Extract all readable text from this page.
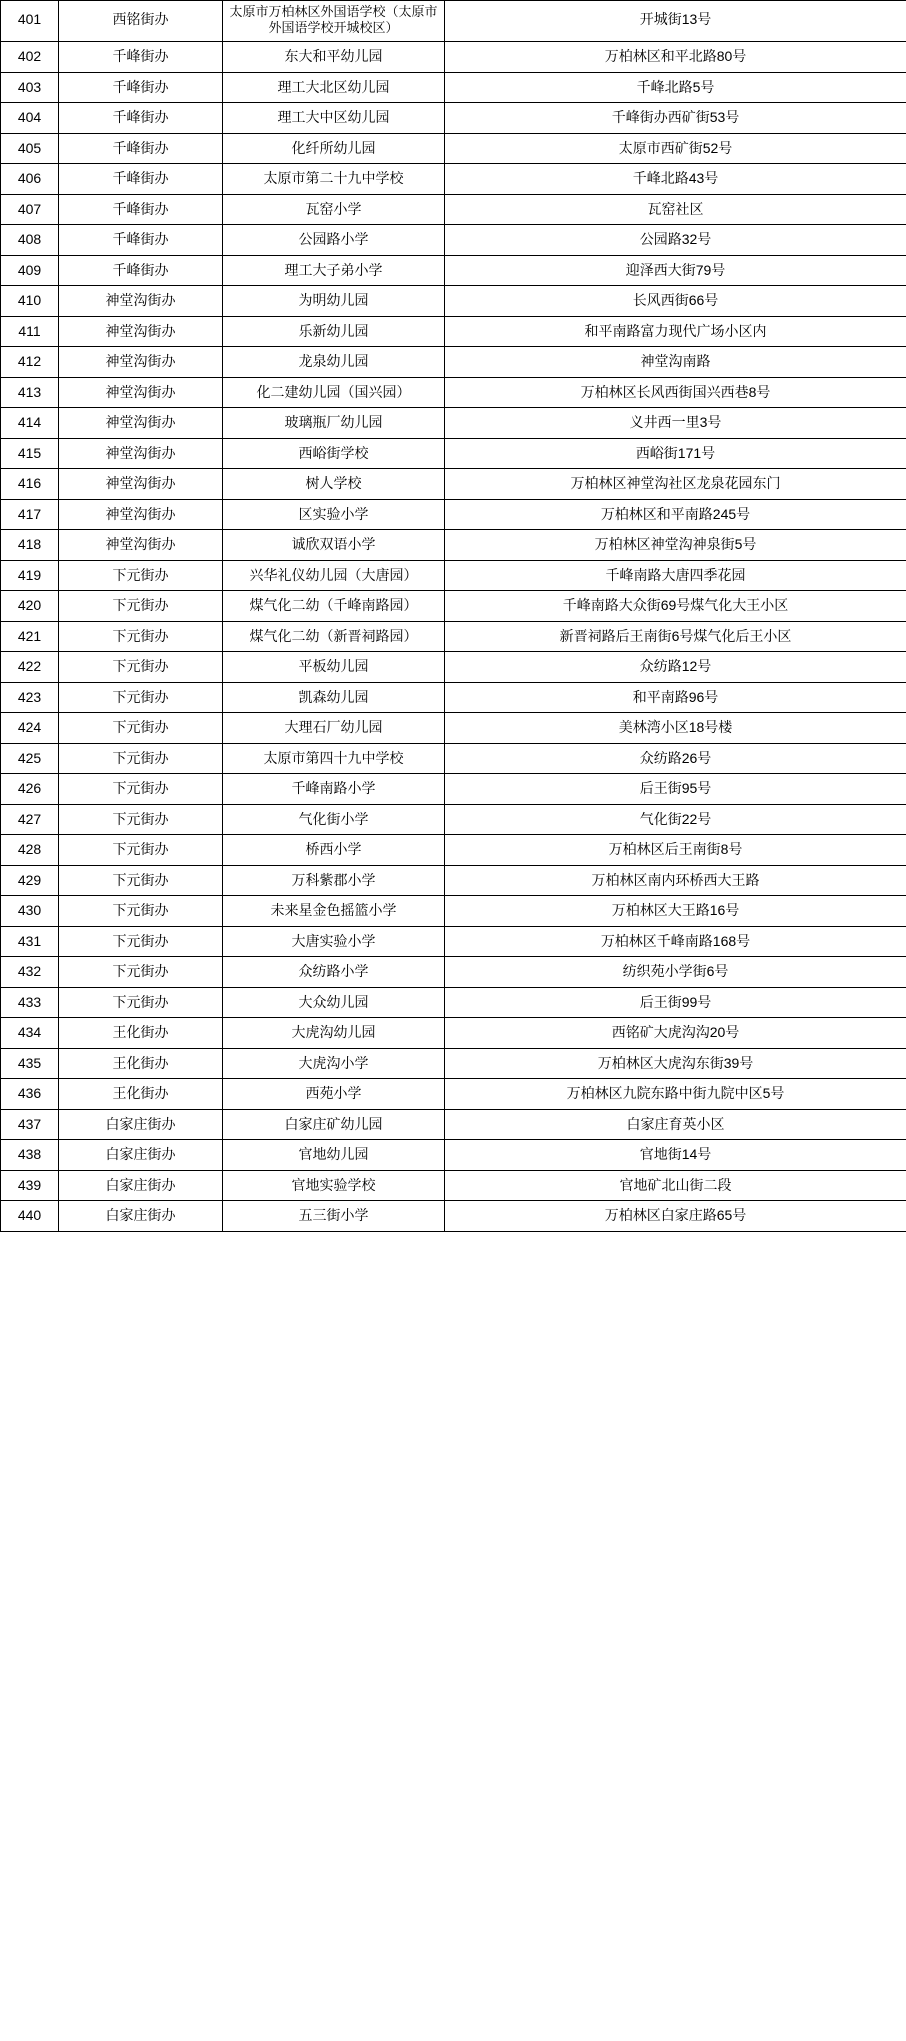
401	西铭街办	太原市万柏林区外国语学校（太原市外国语学校开城校区）	开城街13号
402	千峰街办	东大和平幼儿园	万柏林区和平北路80号
403	千峰街办	理工大北区幼儿园	千峰北路5号
404	千峰街办	理工大中区幼儿园	千峰街办西矿街53号
405	千峰街办	化纤所幼儿园	太原市西矿街52号
406	千峰街办	太原市第二十九中学校	千峰北路43号
407	千峰街办	瓦窑小学	瓦窑社区
408	千峰街办	公园路小学	公园路32号
409	千峰街办	理工大子弟小学	迎泽西大街79号
410	神堂沟街办	为明幼儿园	长风西街66号
411	神堂沟街办	乐新幼儿园	和平南路富力现代广场小区内
412	神堂沟街办	龙泉幼儿园	神堂沟南路
413	神堂沟街办	化二建幼儿园（国兴园）	万柏林区长风西街国兴西巷8号
414	神堂沟街办	玻璃瓶厂幼儿园	义井西一里3号
415	神堂沟街办	西峪街学校	西峪街171号
416	神堂沟街办	树人学校	万柏林区神堂沟社区龙泉花园东门
417	神堂沟街办	区实验小学	万柏林区和平南路245号
418	神堂沟街办	诚欣双语小学	万柏林区神堂沟神泉街5号
419	下元街办	兴华礼仪幼儿园（大唐园）	千峰南路大唐四季花园
420	下元街办	煤气化二幼（千峰南路园）	千峰南路大众街69号煤气化大王小区
421	下元街办	煤气化二幼（新晋祠路园）	新晋祠路后王南街6号煤气化后王小区
422	下元街办	平板幼儿园	众纺路12号
423	下元街办	凯森幼儿园	和平南路96号
424	下元街办	大理石厂幼儿园	美林湾小区18号楼
425	下元街办	太原市第四十九中学校	众纺路26号
426	下元街办	千峰南路小学	后王街95号
427	下元街办	气化街小学	气化街22号
428	下元街办	桥西小学	万柏林区后王南街8号
429	下元街办	万科紫郡小学	万柏林区南内环桥西大王路
430	下元街办	未来星金色摇篮小学	万柏林区大王路16号
431	下元街办	大唐实验小学	万柏林区千峰南路168号
432	下元街办	众纺路小学	纺织苑小学街6号
433	下元街办	大众幼儿园	后王街99号
434	王化街办	大虎沟幼儿园	西铭矿大虎沟沟20号
435	王化街办	大虎沟小学	万柏林区大虎沟东街39号
436	王化街办	西苑小学	万柏林区九院东路中街九院中区5号
437	白家庄街办	白家庄矿幼儿园	白家庄育英小区
438	白家庄街办	官地幼儿园	官地街14号
439	白家庄街办	官地实验学校	官地矿北山街二段
440	白家庄街办	五三街小学	万柏林区白家庄路65号
